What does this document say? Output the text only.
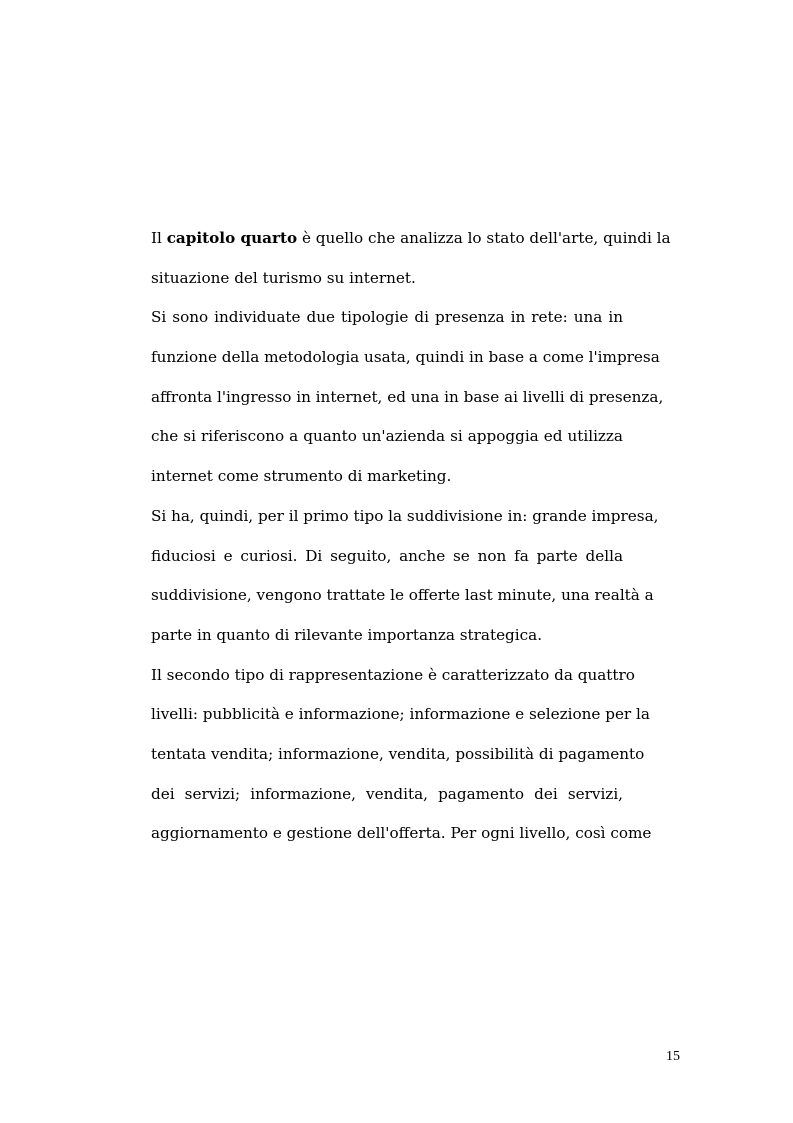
Il capitolo quarto è quello che analizza lo stato dell'arte, quindi la
situazione del turismo su internet.
Si sono individuate due tipologie di presenza in rete: una in
funzione della metodologia usata, quindi in base a come l'impresa
affronta l'ingresso in internet, ed una in base ai livelli di presenza,
che si riferiscono a quanto un'azienda si appoggia ed utilizza
internet come strumento di marketing.
Si ha, quindi, per il primo tipo la suddivisione in: grande impresa,
fiduciosi e curiosi. Di seguito, anche se non fa parte della
suddivisione, vengono trattate le offerte last minute, una realtà a
parte in quanto di rilevante importanza strategica.
Il secondo tipo di rappresentazione è caratterizzato da quattro
livelli: pubblicità e informazione; informazione e selezione per la
tentata vendita; informazione, vendita, possibilità di pagamento
dei servizi; informazione, vendita, pagamento dei servizi,
aggiornamento e gestione dell'offerta. Per ogni livello, così come
15
